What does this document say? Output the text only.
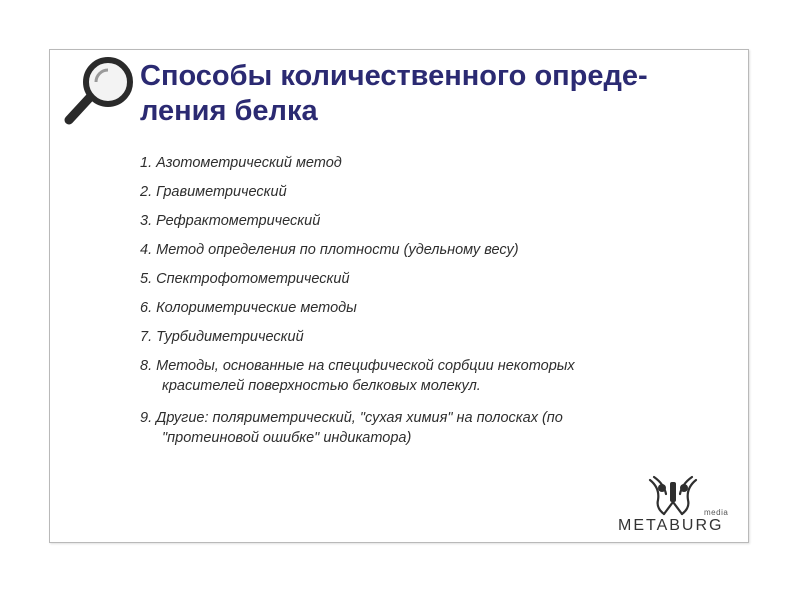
Способы количественного опреде-
ления белка
1. Азотометрический метод
2. Гравиметрический
3. Рефрактометрический
4. Метод определения по плотности (удельному весу)
5. Спектрофотометрический
6. Колориметрические методы
7. Турбидиметрический
8. Методы, основанные на специфической сорбции некоторых
красителей поверхностью белковых молекул.
9. Другие: поляриметрический, "сухая химия" на полосках (по
"протеиновой ошибке" индикатора)
media
METABURG
